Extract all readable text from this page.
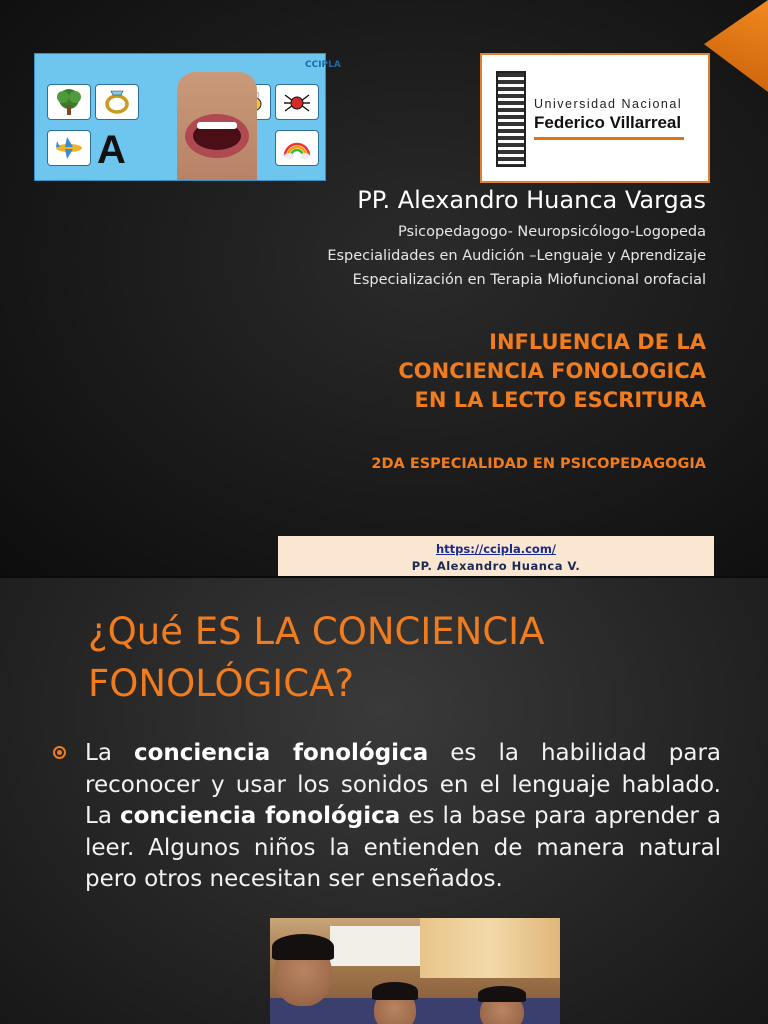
A
CCIPLA
Universidad Nacional
Federico Villarreal
PP. Alexandro Huanca Vargas
Psicopedagogo- Neuropsicólogo-Logopeda
Especialidades en Audición –Lenguaje y Aprendizaje
Especialización en Terapia Miofuncional orofacial
INFLUENCIA DE LA
CONCIENCIA FONOLOGICA
EN LA LECTO ESCRITURA
2DA ESPECIALIDAD EN PSICOPEDAGOGIA
https://ccipla.com/
PP. Alexandro Huanca V.
¿Qué ES LA CONCIENCIA FONOLÓGICA?

La conciencia fonológica es la habilidad para reconocer y usar los sonidos en el lenguaje hablado. La conciencia fonológica es la base para aprender a leer. Algunos niños la entienden de manera natural pero otros necesitan ser enseñados.
